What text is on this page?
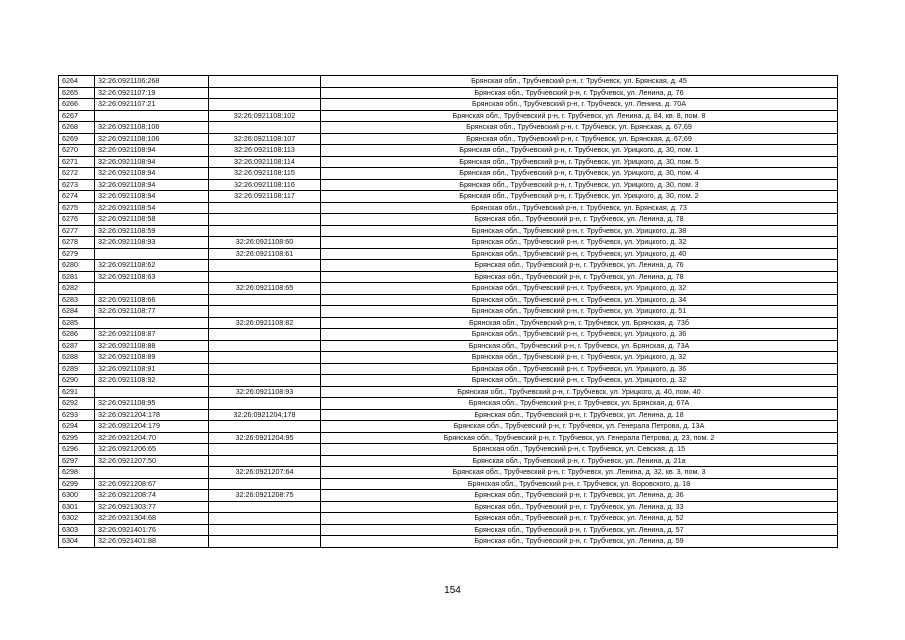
6264	32:26:0921106:268		Брянская обл., Трубчевский р-н, г. Трубчевск, ул. Брянская, д. 45
6265	32:26:0921107:19		Брянская обл., Трубчевский р-н, г. Трубчевск, ул. Ленина, д. 76
6266	32:26:0921107:21		Брянская обл., Трубчевский р-н, г. Трубчевск, ул. Ленина, д. 70А
6267		32:26:0921108:102	Брянская обл., Трубчевский р-н, г. Трубчевск, ул. Ленина, д. 84, кв. 8, пом. 8
6268	32:26:0921108:106		Брянская обл., Трубчевский р-н, г. Трубчевск, ул. Брянская, д. 67,69
6269	32:26:0921108:106	32:26:0921108:107	Брянская обл., Трубчевский р-н, г. Трубчевск, ул. Брянская, д. 67,69
6270	32:26:0921108:94	32:26:0921108:113	Брянская обл., Трубчевский р-н, г. Трубчевск, ул. Урицкого, д. 30, пом. 1
6271	32:26:0921108:94	32:26:0921108:114	Брянская обл., Трубчевский р-н, г. Трубчевск, ул. Урицкого, д. 30, пом. 5
6272	32:26:0921108:94	32:26:0921108:115	Брянская обл., Трубчевский р-н, г. Трубчевск, ул. Урицкого, д. 30, пом. 4
6273	32:26:0921108:94	32:26:0921108:116	Брянская обл., Трубчевский р-н, г. Трубчевск, ул. Урицкого, д. 30, пом. 3
6274	32:26:0921108:94	32:26:0921108:117	Брянская обл., Трубчевский р-н, г. Трубчевск, ул. Урицкого, д. 30, пом. 2
6275	32:26:0921108:54		Брянская обл., Трубчевский р-н, г. Трубчевск, ул. Брянская, д. 73
6276	32:26:0921108:58		Брянская обл., Трубчевский р-н, г. Трубчевск, ул. Ленина, д. 78
6277	32:26:0921108:59		Брянская обл., Трубчевский р-н, г. Трубчевск, ул. Урицкого, д. 38
6278	32:26:0921108:93	32:26:0921108:60	Брянская обл., Трубчевский р-н, г. Трубчевск, ул. Урицкого, д. 32
6279		32:26:0921108:61	Брянская обл., Трубчевский р-н, г. Трубчевск, ул. Урицкого, д. 40
6280	32:26:0921108:62		Брянская обл., Трубчевский р-н, г. Трубчевск, ул. Ленина, д. 76
6281	32:26:0921108:63		Брянская обл., Трубчевский р-н, г. Трубчевск, ул. Ленина, д. 78
6282		32:26:0921108:65	Брянская обл., Трубчевский р-н, г. Трубчевск, ул. Урицкого, д. 32
6283	32:26:0921108:66		Брянская обл., Трубчевский р-н, г. Трубчевск, ул. Урицкого, д. 34
6284	32:26:0921108:77		Брянская обл., Трубчевский р-н, г. Трубчевск, ул. Урицкого, д. 51
6285		32:26:0921108:82	Брянская обл., Трубчевский р-н, г. Трубчевск, ул. Брянская, д. 73б
6286	32:26:0921108:87		Брянская обл., Трубчевский р-н, г. Трубчевск, ул. Урицкого, д. 36
6287	32:26:0921108:88		Брянская обл., Трубчевский р-н, г. Трубчевск, ул. Брянская, д. 73А
6288	32:26:0921108:89		Брянская обл., Трубчевский р-н, г. Трубчевск, ул. Урицкого, д. 32
6289	32:26:0921108:91		Брянская обл., Трубчевский р-н, г. Трубчевск, ул. Урицкого, д. 36
6290	32:26:0921108:92		Брянская обл., Трубчевский р-н, г. Трубчевск, ул. Урицкого, д. 32
6291		32:26:0921108:93	Брянская обл., Трубчевский р-н, г. Трубчевск, ул. Урицкого, д. 40, пом. 40
6292	32:26:0921108:95		Брянская обл., Трубчевский р-н, г. Трубчевск, ул. Брянская, д. 67А
6293	32:26:0921204:178	32:26:0921204:178	Брянская обл., Трубчевский р-н, г. Трубчевск, ул. Ленина, д. 18
6294	32:26:0921204:179		Брянская обл., Трубчевский р-н, г. Трубчевск, ул. Генерала Петрова, д. 13А
6295	32:26:0921204:70	32:26:0921204:95	Брянская обл., Трубчевский р-н, г. Трубчевск, ул. Генерала Петрова, д. 23, пом. 2
6296	32:26:0921206:65		Брянская обл., Трубчевский р-н, г. Трубчевск, ул. Севская, д. 15
6297	32:26:0921207:50		Брянская обл., Трубчевский р-н, г. Трубчевск, ул. Ленина, д. 21а
6298		32:26:0921207:64	Брянская обл., Трубчевский р-н, г. Трубчевск, ул. Ленина, д. 32, кв. 3, пом. 3
6299	32:26:0921208:67		Брянская обл., Трубчевский р-н, г. Трубчевск, ул. Воровского, д. 18
6300	32:26:0921208:74	32:26:0921208:75	Брянская обл., Трубчевский р-н, г. Трубчевск, ул. Ленина, д. 36
6301	32:26:0921303:77		Брянская обл., Трубчевский р-н, г. Трубчевск, ул. Ленина, д. 33
6302	32:26:0921304:68		Брянская обл., Трубчевский р-н, г. Трубчевск, ул. Ленина, д. 52
6303	32:26:0921401:76		Брянская обл., Трубчевский р-н, г. Трубчевск, ул. Ленина, д. 57
6304	32:26:0921401:88		Брянская обл., Трубчевский р-н, г. Трубчевск, ул. Ленина, д. 59
154
